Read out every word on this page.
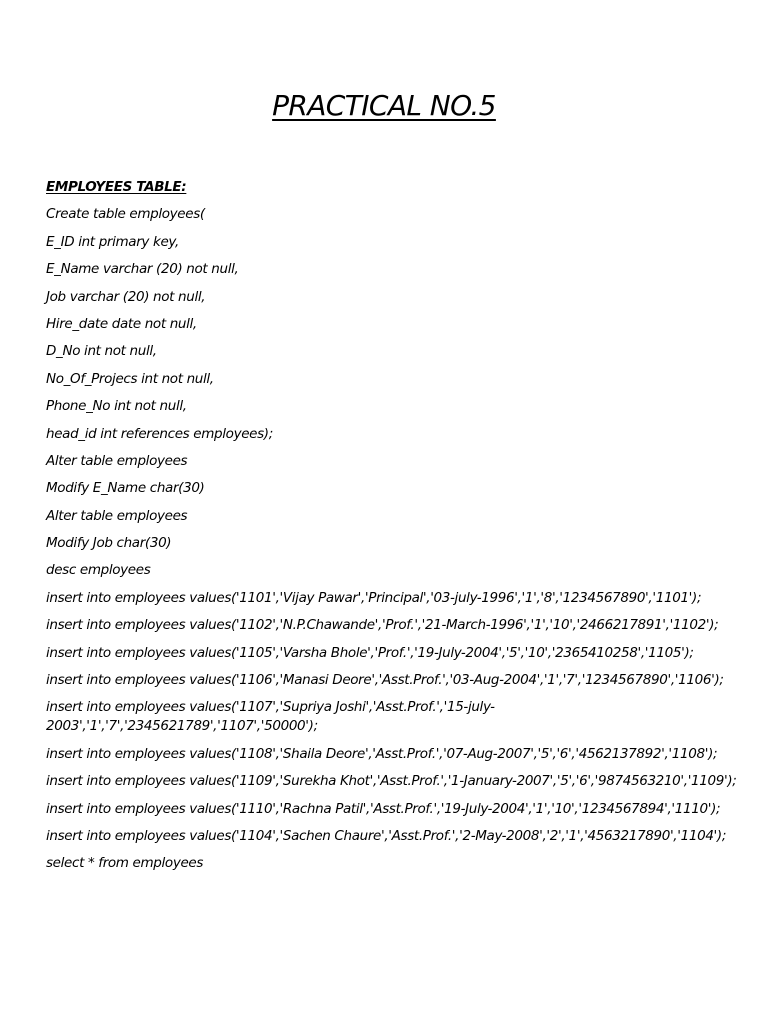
PRACTICAL NO.5
EMPLOYEES TABLE:
Create table employees(
E_ID int primary key,
E_Name varchar (20) not null,
Job varchar (20) not null,
Hire_date date not null,
D_No int not null,
No_Of_Projecs int not null,
Phone_No int not null,
head_id int references employees);
Alter table employees
Modify E_Name char(30)
Alter table employees
Modify Job char(30)
desc employees
insert into employees values('1101','Vijay Pawar','Principal','03-july-1996','1','8','1234567890','1101');
insert into employees values('1102','N.P.Chawande','Prof.','21-March-1996','1','10','2466217891','1102');
insert into employees values('1105','Varsha Bhole','Prof.','19-July-2004','5','10','2365410258','1105');
insert into employees values('1106','Manasi Deore','Asst.Prof.','03-Aug-2004','1','7','1234567890','1106');
insert into employees values('1107','Supriya Joshi','Asst.Prof.','15-july-2003','1','7','2345621789','1107','50000');
insert into employees values('1108','Shaila Deore','Asst.Prof.','07-Aug-2007','5','6','4562137892','1108');
insert into employees values('1109','Surekha Khot','Asst.Prof.','1-January-2007','5','6','9874563210','1109');
insert into employees values('1110','Rachna Patil','Asst.Prof.','19-July-2004','1','10','1234567894','1110');
insert into employees values('1104','Sachen Chaure','Asst.Prof.','2-May-2008','2','1','4563217890','1104');
select * from employees
